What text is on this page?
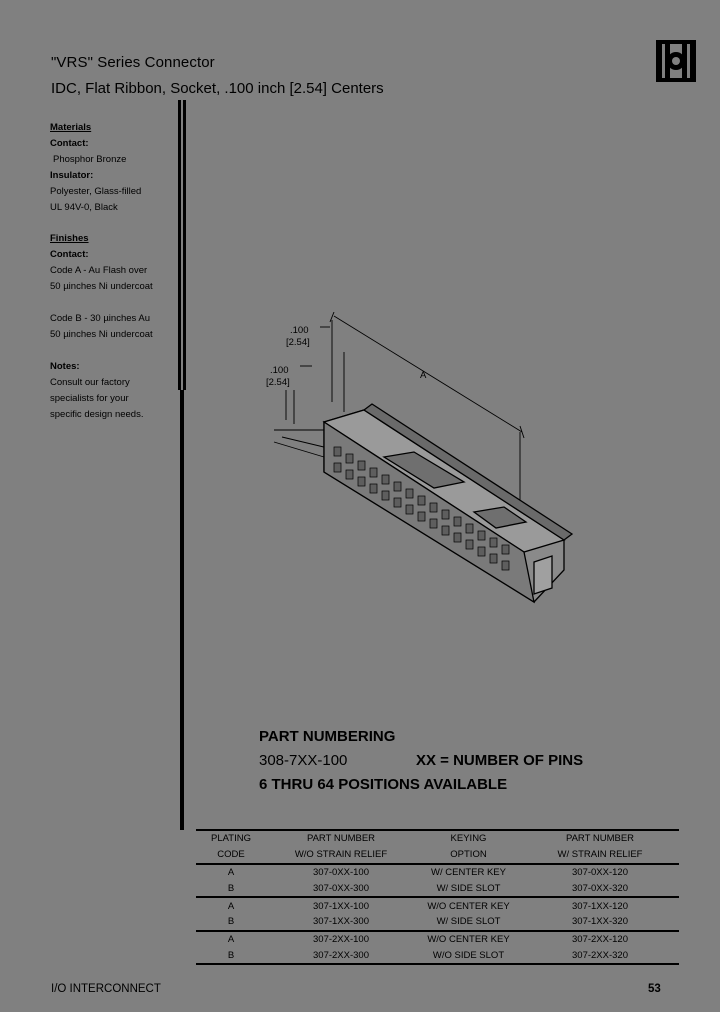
"VRS" Series Connector
IDC, Flat Ribbon, Socket, .100 inch [2.54] Centers
Materials
Contact:
Phosphor Bronze
Insulator:
Polyester, Glass-filled
UL 94V-0, Black
Finishes
Contact:
Code A - Au Flash over
50 µinches Ni undercoat
Code B - 30 µinches Au
50 µinches Ni undercoat
Notes:
Consult our factory
specialists for your
specific design needs.
.100
[2.54]
.100
[2.54]
A
PART NUMBERING
308-7XX-100	XX = NUMBER OF PINS
6 THRU 64 POSITIONS AVAILABLE
PLATING	PART NUMBER	KEYING	PART NUMBER
CODE	W/O STRAIN RELIEF	OPTION	W/ STRAIN RELIEF
A	307-0XX-100	W/ CENTER KEY	307-0XX-120
B	307-0XX-300	W/ SIDE SLOT	307-0XX-320
A	307-1XX-100	W/O CENTER KEY	307-1XX-120
B	307-1XX-300	W/ SIDE SLOT	307-1XX-320
A	307-2XX-100	W/O CENTER KEY	307-2XX-120
B	307-2XX-300	W/O SIDE SLOT	307-2XX-320
I/O INTERCONNECT	53
